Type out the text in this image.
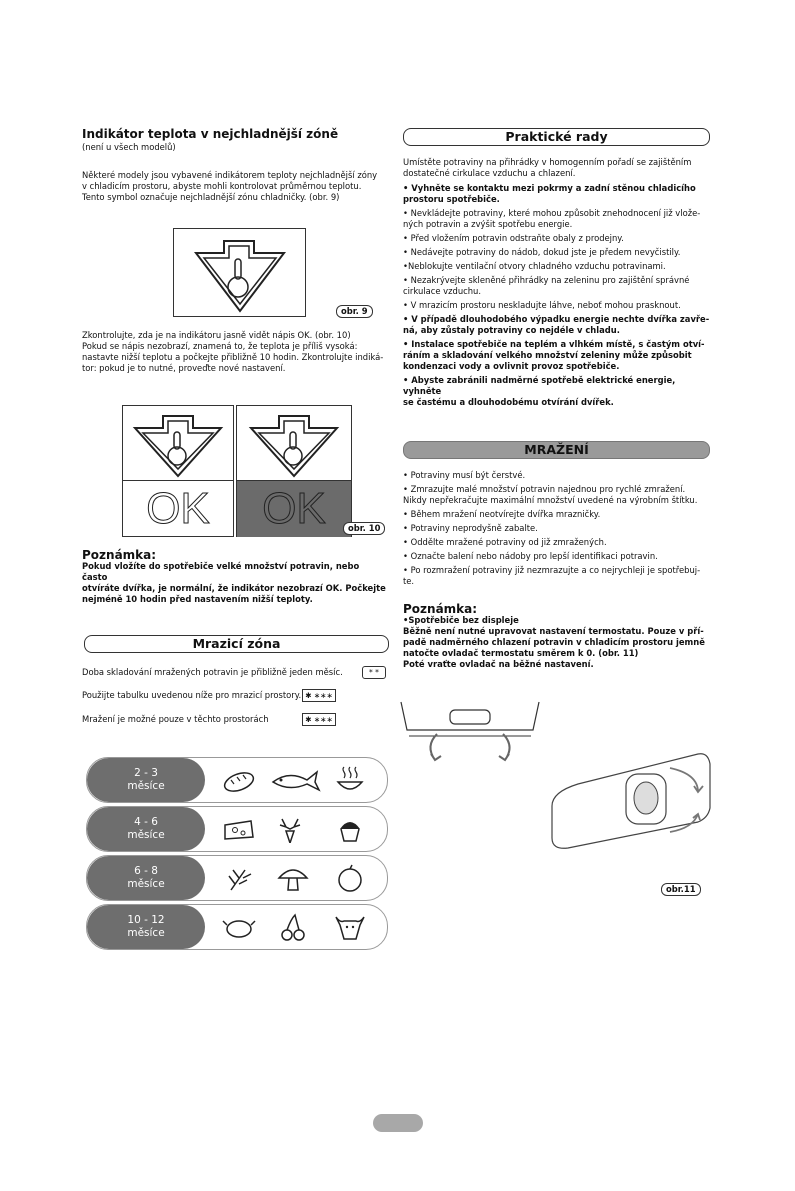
Indikátor teplota v nejchladnější zóně
(není u všech modelů)
Některé modely jsou vybavené indikátorem teploty nejchladnější zóny
v chladicím prostoru, abyste mohli kontrolovat průměrnou teplotu.
Tento symbol označuje nejchladnější zónu chladničky. (obr. 9)
obr. 9
Zkontrolujte, zda je na indikátoru jasně vidět nápis OK. (obr. 10)
Pokud se nápis nezobrazí, znamená to, že teplota je příliš vysoká:
nastavte nižší teplotu a počkejte přibližně 10 hodin. Zkontrolujte indiká-
tor: pokud je to nutné, proveďte nové nastavení.
OK	OK	obr. 10
Poznámka:
Pokud vložíte do spotřebiče velké množství potravin, nebo často
otvíráte dvířka, je normální, že indikátor nezobrazí OK. Počkejte
nejméně 10 hodin před nastavením nižší teploty.
Mrazicí zóna
Doba skladování mražených potravin je přibližně jeden měsíc.	* *
Použijte tabulku uvedenou níže pro mrazicí prostory. ✱ ∗∗∗
Mražení je možné pouze v těchto prostorách	✱ ∗∗∗
2 - 3
měsíce
4 - 6
měsíce
6 - 8
měsíce
10 - 12
měsíce
Praktické rady
Umístěte potraviny na přihrádky v homogenním pořadí se zajištěním
dostatečné cirkulace vzduchu a chlazení.

• Vyhněte se kontaktu mezi pokrmy a zadní stěnou chladicího
prostoru spotřebiče.

• Nevkládejte potraviny, které mohou způsobit znehodnocení již vlože-
ných potravin a zvýšit spotřebu energie.

• Před vložením potravin odstraňte obaly z prodejny.

• Nedávejte potraviny do nádob, dokud jste je předem nevyčistily.

•Neblokujte ventilační otvory chladného vzduchu potravinami.

• Nezakrývejte skleněné přihrádky na zeleninu pro zajištění správné
cirkulace vzduchu.

• V mrazicím prostoru neskladujte láhve, neboť mohou prasknout.

• V případě dlouhodobého výpadku energie nechte dvířka zavře-
ná, aby zůstaly potraviny co nejdéle v chladu.

• Instalace spotřebiče na teplém a vlhkém místě, s častým otví-
ráním a skladování velkého množství zeleniny může způsobit
kondenzaci vody a ovlivnit provoz spotřebiče.

• Abyste zabránili nadměrné spotřebě elektrické energie, vyhněte
se častému a dlouhodobému otvírání dvířek.

MRAŽENÍ

• Potraviny musí být čerstvé.

• Zmrazujte malé množství potravin najednou pro rychlé zmražení.
Nikdy nepřekračujte maximální množství uvedené na výrobním štítku.

• Během mražení neotvírejte dvířka mrazničky.

• Potraviny neprodyšně zabalte.

• Oddělte mražené potraviny od již zmražených.

• Označte balení nebo nádoby pro lepší identifikaci potravin.

• Po rozmražení potraviny již nezmrazujte a co nejrychleji je spotřebuj-
te.

Poznámka:
•Spotřebiče bez displeje
Běžně není nutné upravovat nastavení termostatu. Pouze v pří-
padě nadměrného chlazení potravin v chladicím prostoru jemně
natočte ovladač termostatu směrem k 0. (obr. 11)
Poté vraťte ovladač na běžné nastavení.
obr.11
